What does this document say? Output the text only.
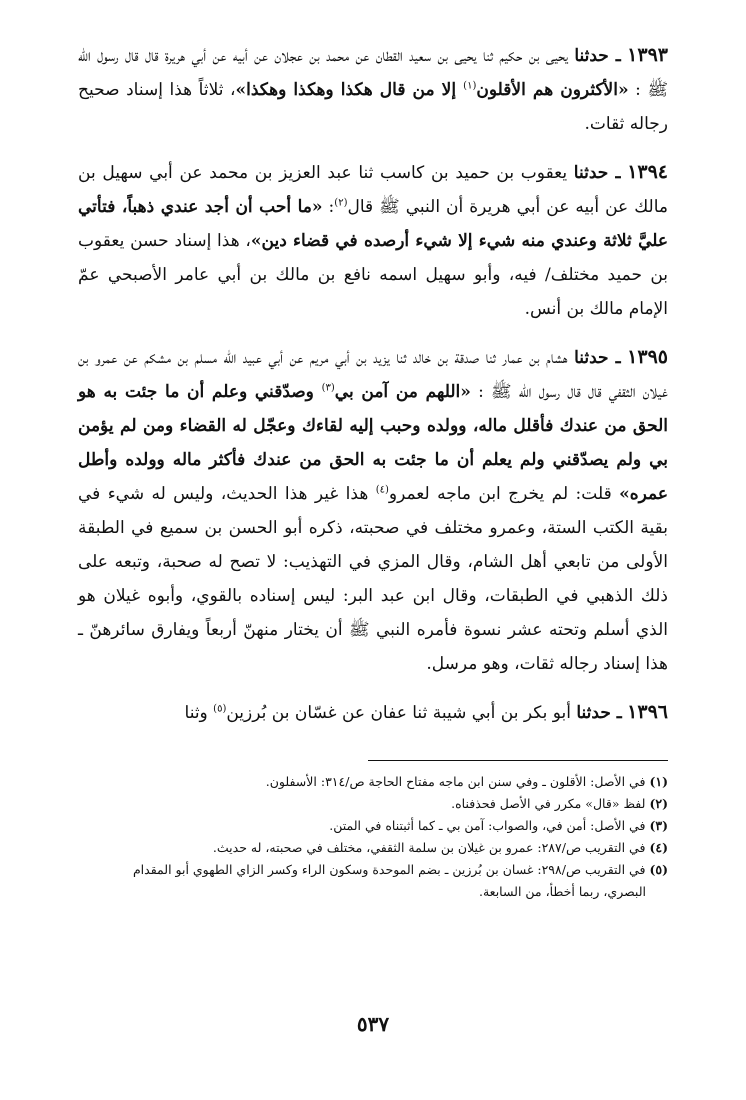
١٣٩٣ ـ حدثنا يحيى بن حكيم ثنا يحيى بن سعيد القطان عن محمد بن عجلان عن أبيه عن أبي هريرة قال قال رسول الله ﷺ : «الأكثرون هم الأقلون$^{(١)}$ إلا من قال هكذا وهكذا وهكذا»، ثلاثاً هذا إسناد صحيح رجاله ثقات.

١٣٩٤ ـ حدثنا يعقوب بن حميد بن كاسب ثنا عبد العزيز بن محمد عن أبي سهيل بن مالك عن أبيه عن أبي هريرة أن النبي ﷺ قال$^{(٢)}$: «ما أحب أن أجد عندي ذهباً، فتأتي عليَّ ثلاثة وعندي منه شيء إلا شيء أرصده في قضاء دين»، هذا إسناد حسن يعقوب بن حميد مختلف/ فيه، وأبو سهيل اسمه نافع بن مالك بن أبي عامر الأصبحي عمّ الإمام مالك بن أنس.

١٣٩٥ ـ حدثنا هشام بن عمار ثنا صدقة بن خالد ثنا يزيد بن أبي مريم عن أبي عبيد الله مسلم بن مشكم عن عمرو بن غيلان الثقفي قال قال رسول الله ﷺ : «اللهم من آمن بي$^{(٣)}$ وصدّقني وعلم أن ما جئت به هو الحق من عندك فأقلل ماله، وولده وحبب إليه لقاءك وعجّل له القضاء ومن لم يؤمن بي ولم يصدّقني ولم يعلم أن ما جئت به الحق من عندك فأكثر ماله وولده وأطل عمره» قلت: لم يخرج ابن ماجه لعمرو$^{(٤)}$ هذا غير هذا الحديث، وليس له شيء في بقية الكتب الستة، وعمرو مختلف في صحبته، ذكره أبو الحسن بن سميع في الطبقة الأولى من تابعي أهل الشام، وقال المزي في التهذيب: لا تصح له صحبة، وتبعه على ذلك الذهبي في الطبقات، وقال ابن عبد البر: ليس إسناده بالقوي، وأبوه غيلان هو الذي أسلم وتحته عشر نسوة فأمره النبي ﷺ أن يختار منهنّ أربعاً ويفارق سائرهنّ ـ هذا إسناد رجاله ثقات، وهو مرسل.

١٣٩٦ ـ حدثنا أبو بكر بن أبي شيبة ثنا عفان عن غسّان بن بُرزين$^{(٥)}$ وثنا

(١) في الأصل: الأقلون ـ وفي سنن ابن ماجه مفتاح الحاجة ص/٣١٤: الأسفلون.

(٢) لفظ «قال» مكرر في الأصل فحذفناه.

(٣) في الأصل: أمن في، والصواب: آمن بي ـ كما أثبتناه في المتن.

(٤) في التقريب ص/٢٨٧: عمرو بن غيلان بن سلمة الثقفي، مختلف في صحبته، له حديث.

(٥) في التقريب ص/٢٩٨: غسان بن بُرزين ـ بضم الموحدة وسكون الراء وكسر الزاي الطهوي أبو المقدام

البصري، ربما أخطأ، من السابعة.

٥٣٧
